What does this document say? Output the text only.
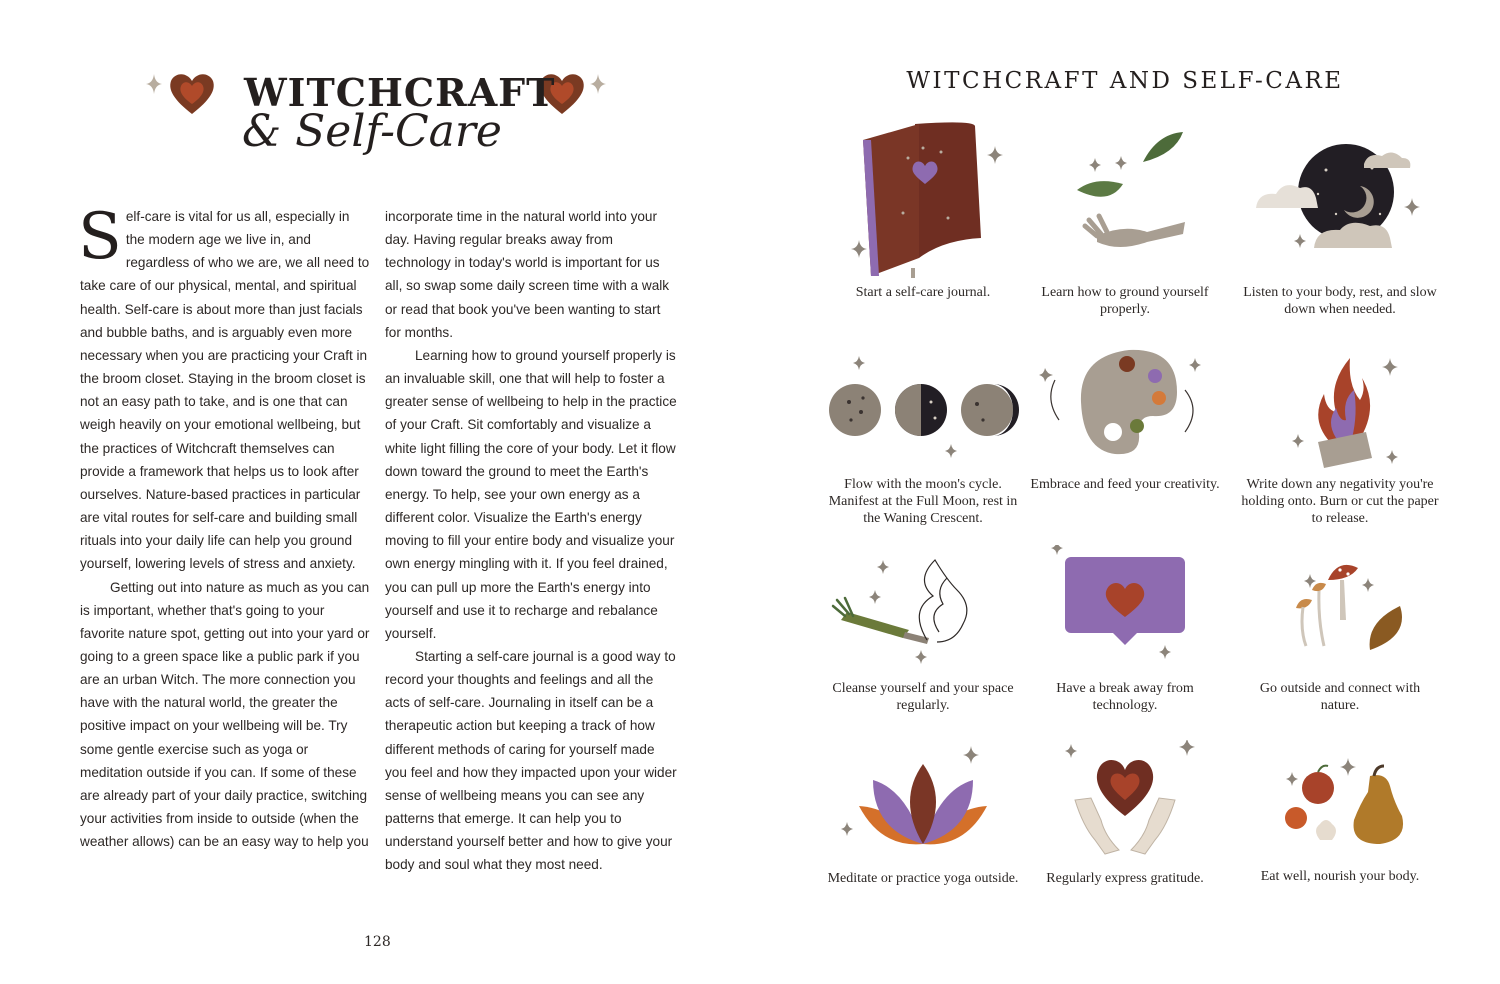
WITCHCRAFT
& Self-Care

Self-care is vital for us all, especially in the modern age we live in, and regardless of who we are, we all need to take care of our physical, mental, and spiritual health. Self-care is about more than just facials and bubble baths, and is arguably even more necessary when you are practicing your Craft in the broom closet. Staying in the broom closet is not an easy path to take, and is one that can weigh heavily on your emotional wellbeing, but the practices of Witchcraft themselves can provide a framework that helps us to look after ourselves. Nature-based practices in particular are vital routes for self-care and building small rituals into your daily life can help you ground yourself, lowering levels of stress and anxiety.

Getting out into nature as much as you can is important, whether that's going to your favorite nature spot, getting out into your yard or going to a green space like a public park if you are an urban Witch. The more connection you have with the natural world, the greater the positive impact on your wellbeing will be. Try some gentle exercise such as yoga or meditation outside if you can. If some of these are already part of your daily practice, switching your activities from inside to outside (when the weather allows) can be an easy way to help you

incorporate time in the natural world into your day. Having regular breaks away from technology in today's world is important for us all, so swap some daily screen time with a walk or read that book you've been wanting to start for months.

Learning how to ground yourself properly is an invaluable skill, one that will help to foster a greater sense of wellbeing to help in the practice of your Craft. Sit comfortably and visualize a white light filling the core of your body. Let it flow down toward the ground to meet the Earth's energy. To help, see your own energy as a different color. Visualize the Earth's energy moving to fill your entire body and visualize your own energy mingling with it. If you feel drained, you can pull up more the Earth's energy into yourself and use it to recharge and rebalance yourself.

Starting a self-care journal is a good way to record your thoughts and feelings and all the acts of self-care. Journaling in itself can be a therapeutic action but keeping a track of how different methods of caring for yourself made you feel and how they impacted upon your wider sense of wellbeing means you can see any patterns that emerge. It can help you to understand yourself better and how to give your body and soul what they most need.

128
WITCHCRAFT AND SELF-CARE
Start a self-care journal.	Learn how to ground yourself properly.
Listen to your body, rest, and slow down when needed.
Flow with the moon's cycle. Manifest at the Full Moon, rest in the Waning Crescent.
Embrace and feed your creativity.	Write down any negativity you're holding onto. Burn or cut the paper to release.
Cleanse yourself and your space regularly.
Have a break away from technology.
Go outside and connect with nature.
Meditate or practice yoga outside.	Regularly express gratitude.	Eat well, nourish your body.
